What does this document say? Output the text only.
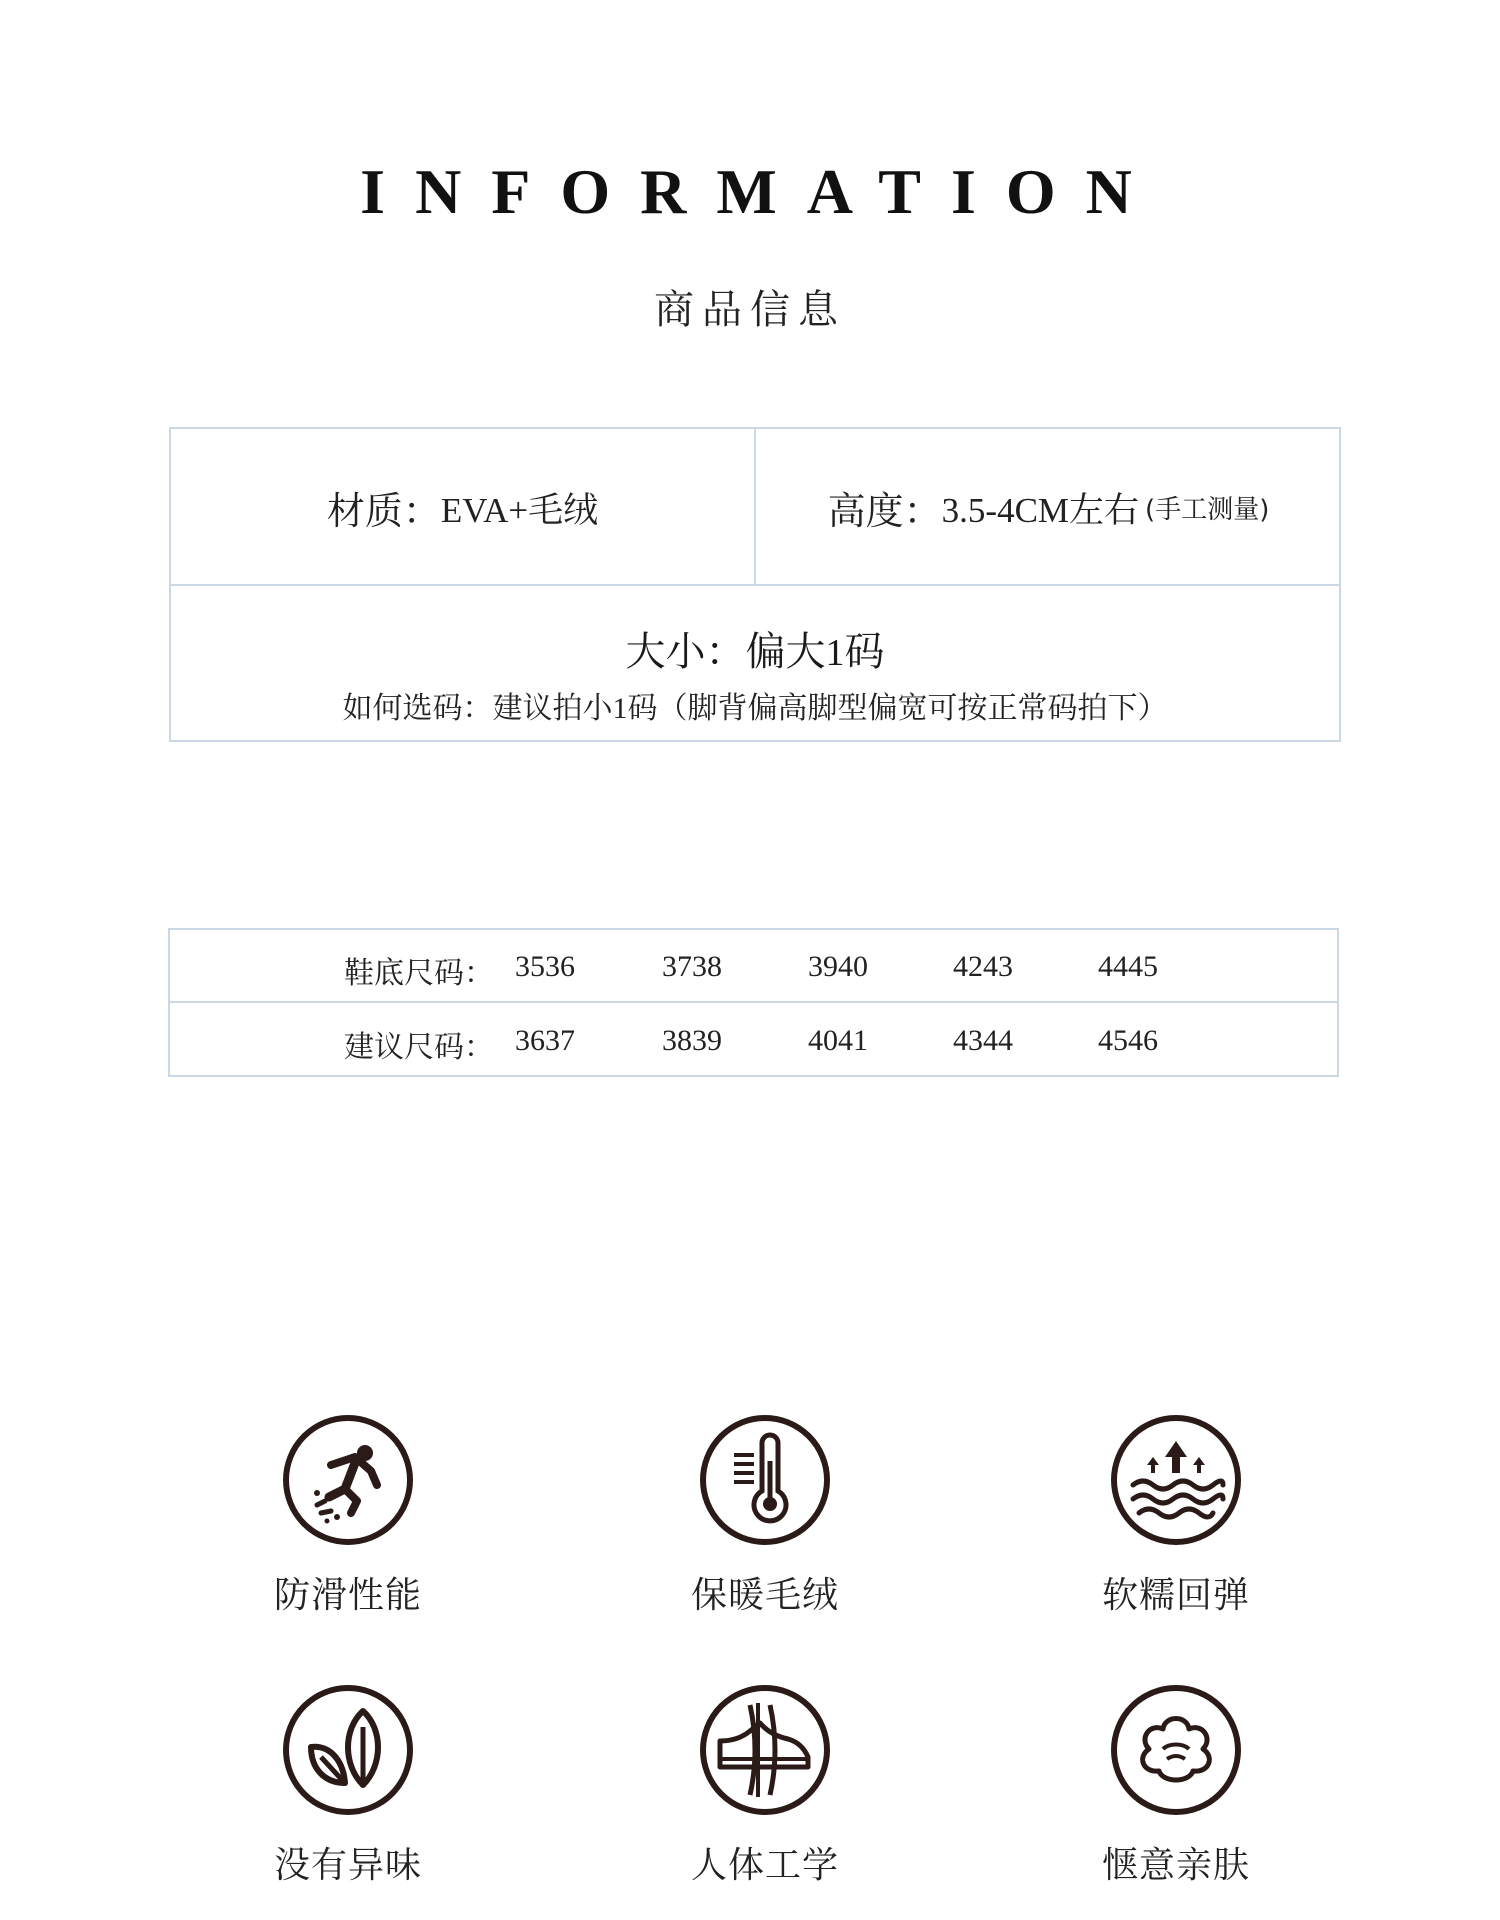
INFORMATION
商品信息
材质： EVA+毛绒	高度： 3.5-4CM左右 (手工测量)
大小：偏大1码
如何选码：建议拍小1码（脚背偏高脚型偏宽可按正常码拍下）
鞋底尺码： 3536	3738	3940	4243	4445
建议尺码： 3637	3839	4041	4344	4546
防滑性能	保暖毛绒	软糯回弹
没有异味	人体工学	惬意亲肤
